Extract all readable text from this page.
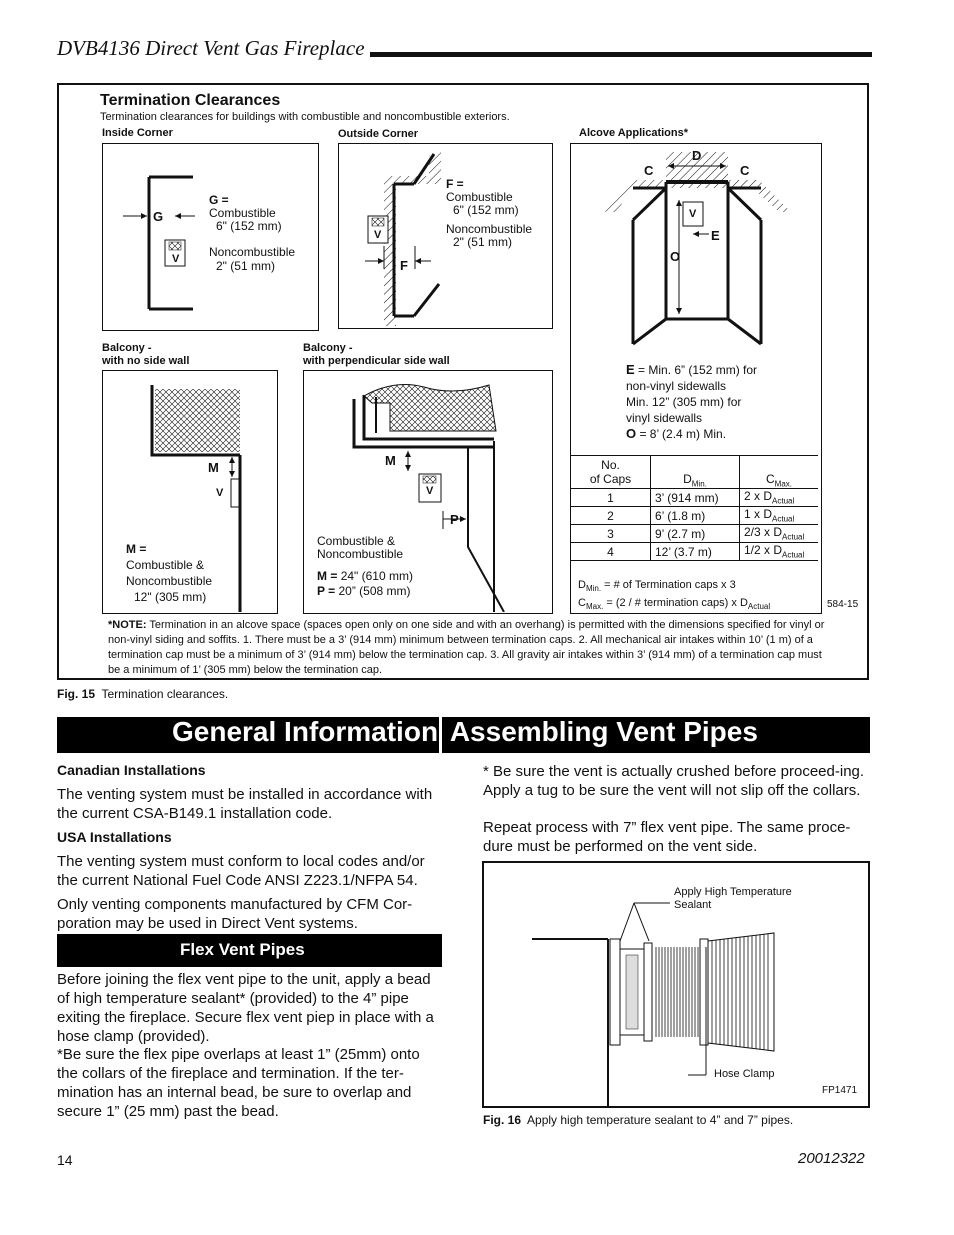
DVB4136 Direct Vent Gas Fireplace
Termination Clearances
Termination clearances for buildings with combustible and noncombustible exteriors.
Inside Corner
G
V
G =
Combustible
6" (152 mm)
Noncombustible
2" (51 mm)
Outside Corner
V
F
F =
Combustible
6" (152 mm)
Noncombustible
2" (51 mm)
Alcove Applications*
C
D
C
V
E
O
E = Min. 6” (152 mm) for
non-vinyl sidewalls
Min. 12” (305 mm) for
vinyl sidewalls
O = 8’ (2.4 m) Min.
No.
of Caps	$D_{Min.}$	$C_{Max.}$
1	3’ (914 mm)	2 x $D_{Actual}$
2	6’ (1.8 m)	1 x $D_{Actual}$
3	9’ (2.7 m)	2/3 x $D_{Actual}$
4	12’ (3.7 m)	1/2 x $D_{Actual}$
$D_{Min.}$ = # of Termination caps x 3
$C_{Max.} = (2$ / # termination caps) x $D_{Actual}$	584-15
Balcony -
with no side wall
M
V
M =
Combustible &
Noncombustible
12" (305 mm)
Balcony -
with perpendicular side wall
M
V
P
Combustible &
Noncombustible
M = 24" (610 mm)
P = 20” (508 mm)
*NOTE: Termination in an alcove space (spaces open only on one side and with an overhang) is permitted with the dimensions specified for vinyl or non-vinyl siding and soffits. 1. There must be a 3’ (914 mm) minimum between termination caps. 2. All mechanical air intakes within 10’ (1 m) of a termination cap must be a minimum of 3’ (914 mm) below the termination cap. 3. All gravity air intakes within 3’ (914 mm) of a termination cap must be a minimum of 1’ (305 mm) below the termination cap.
Fig. 15 Termination clearances.
General Information Assembling Vent Pipes
Canadian Installations
The venting system must be installed in accordance with the current CSA-B149.1 installation code.
USA Installations
The venting system must conform to local codes and/or the current National Fuel Code ANSI Z223.1/NFPA 54.
Only venting components manufactured by CFM Cor-poration may be used in Direct Vent systems.
Flex Vent Pipes
Before joining the flex vent pipe to the unit, apply a bead of high temperature sealant* (provided) to the 4” pipe exiting the fireplace. Secure flex vent piep in place with a hose clamp (provided).
*Be sure the flex pipe overlaps at least 1” (25mm) onto the collars of the fireplace and termination. If the ter-mination has an internal bead, be sure to overlap and secure 1” (25 mm) past the bead.
* Be sure the vent is actually crushed before proceed-ing. Apply a tug to be sure the vent will not slip off the collars.
Repeat process with 7” flex vent pipe. The same proce-dure must be performed on the vent side.
Apply High Temperature
Sealant
Hose Clamp
FP1471
Fig. 16 Apply high temperature sealant to 4” and 7” pipes.
14	20012322
